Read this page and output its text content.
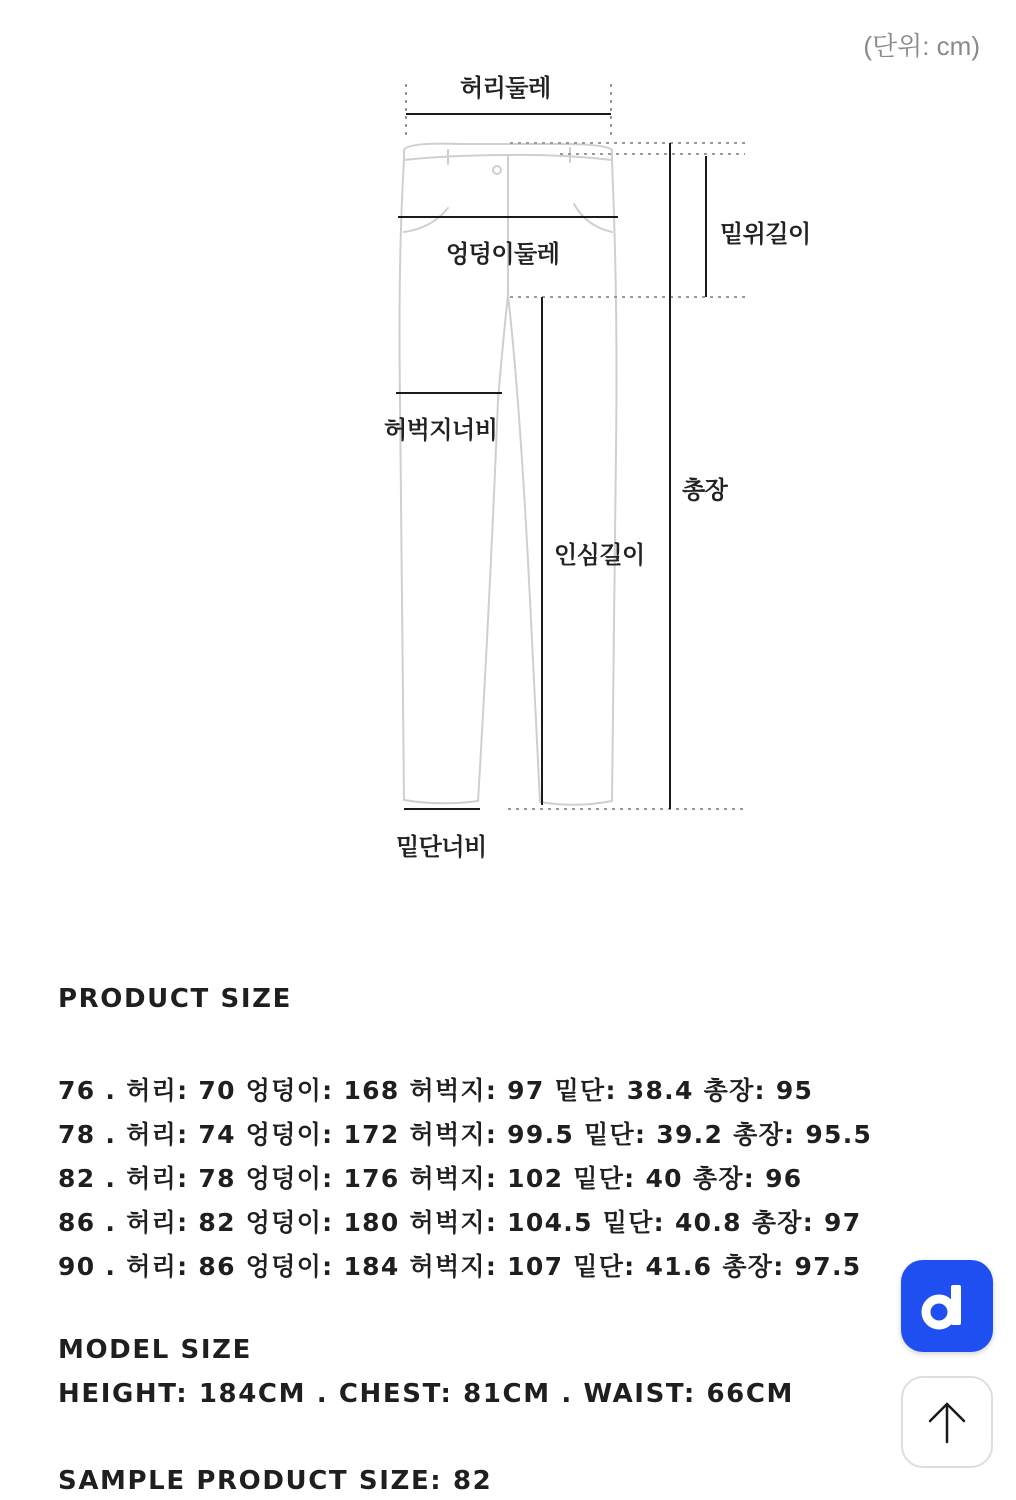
(단위: cm)
허리둘레
밑위길이
엉덩이둘레
허벅지너비
총장
인심길이
밑단너비
PRODUCT SIZE
76 . 허리: 70 엉덩이: 168 허벅지: 97 밑단: 38.4 총장: 95
78 . 허리: 74 엉덩이: 172 허벅지: 99.5 밑단: 39.2 총장: 95.5
82 . 허리: 78 엉덩이: 176 허벅지: 102 밑단: 40 총장: 96
86 . 허리: 82 엉덩이: 180 허벅지: 104.5 밑단: 40.8 총장: 97
90 . 허리: 86 엉덩이: 184 허벅지: 107 밑단: 41.6 총장: 97.5
MODEL SIZE
HEIGHT: 184CM . CHEST: 81CM . WAIST: 66CM
SAMPLE PRODUCT SIZE: 82
